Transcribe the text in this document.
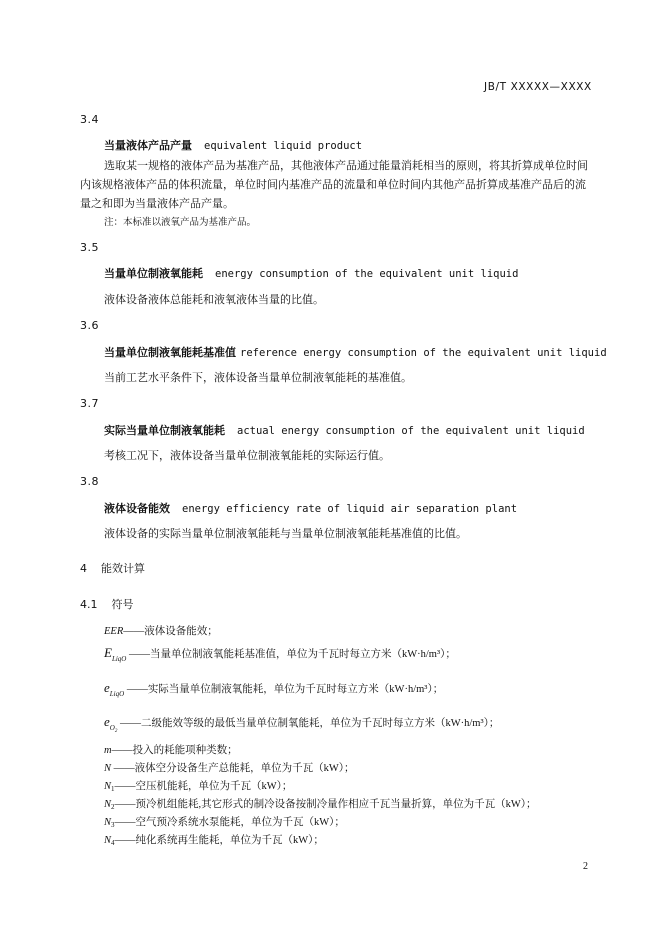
JB/T XXXXX—XXXX
3.4
当量液体产品产量 equivalent liquid product
选取某一规格的液体产品为基准产品，其他液体产品通过能量消耗相当的原则，将其折算成单位时间内该规格液体产品的体积流量，单位时间内基准产品的流量和单位时间内其他产品折算成基准产品后的流量之和即为当量液体产品产量。
注：本标准以液氧产品为基准产品。
3.5
当量单位制液氧能耗 energy consumption of the equivalent unit liquid
液体设备液体总能耗和液氧液体当量的比值。
3.6
当量单位制液氧能耗基准值 reference energy consumption of the equivalent unit liquid
当前工艺水平条件下，液体设备当量单位制液氧能耗的基准值。
3.7
实际当量单位制液氧能耗 actual energy consumption of the equivalent unit liquid
考核工况下，液体设备当量单位制液氧能耗的实际运行值。
3.8
液体设备能效 energy efficiency rate of liquid air separation plant
液体设备的实际当量单位制液氧能耗与当量单位制液氧能耗基准值的比值。
4 能效计算
4.1 符号
EER——液体设备能效；
$E_{LiqO}$ ——当量单位制液氧能耗基准值，单位为千瓦时每立方米（kW·h/m³）；
$e_{LiqO}$ ——实际当量单位制液氧能耗，单位为千瓦时每立方米（kW·h/m³）；
$e_{O_2}$ ——二级能效等级的最低当量单位制氧能耗，单位为千瓦时每立方米（kW·h/m³）；
m——投入的耗能项种类数；
N ——液体空分设备生产总能耗，单位为千瓦（kW）；
$N_1——$空压机能耗，单位为千瓦（kW）；
$N_2——$预冷机组能耗,其它形式的制冷设备按制冷量作相应千瓦当量折算，单位为千瓦（kW）；
$N_3——$空气预冷系统水泵能耗，单位为千瓦（kW）；
$N_4——$纯化系统再生能耗，单位为千瓦（kW）；
2
